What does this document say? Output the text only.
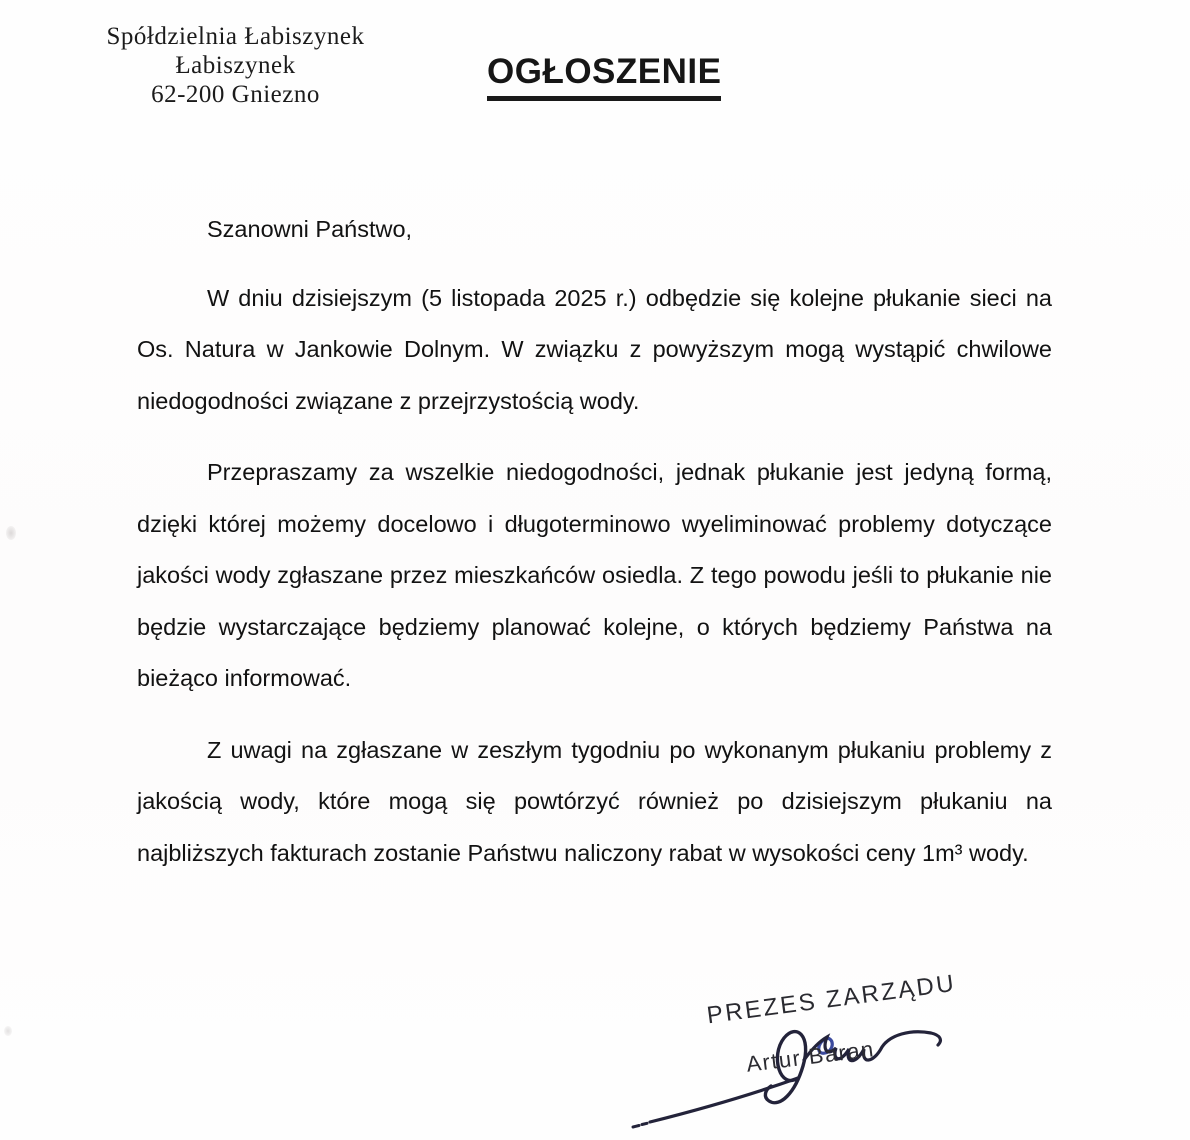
Spółdzielnia Łabiszynek
Łabiszynek
62-200 Gniezno
OGŁOSZENIE

Szanowni Państwo,

W dniu dzisiejszym (5 listopada 2025 r.) odbędzie się kolejne płukanie sieci na Os. Natura w Jankowie Dolnym. W związku z powyższym mogą wystąpić chwilowe niedogodności związane z przejrzystością wody.

Przepraszamy za wszelkie niedogodności, jednak płukanie jest jedyną formą, dzięki której możemy docelowo i długoterminowo wyeliminować problemy dotyczące jakości wody zgłaszane przez mieszkańców osiedla. Z tego powodu jeśli to płukanie nie będzie wystarczające będziemy planować kolejne, o których będziemy Państwa na bieżąco informować.

Z uwagi na zgłaszane w zeszłym tygodniu po wykonanym płukaniu problemy z jakością wody, które mogą się powtórzyć również po dzisiejszym płukaniu na najbliższych fakturach zostanie Państwu naliczony rabat w wysokości ceny 1m³ wody.

PREZES ZARZĄDU
Artur Baran
